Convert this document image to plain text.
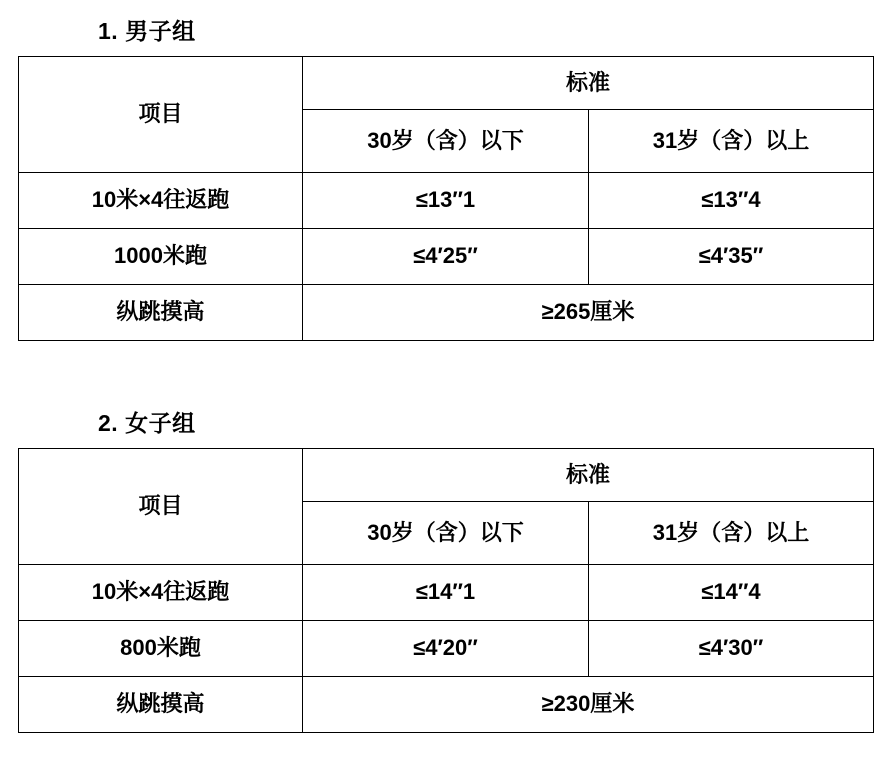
1. 男子组
项目	标准	
	30岁（含）以下	31岁（含）以上
10米×4往返跑	≤13″1	≤13″4
1000米跑	≤4′25″	≤4′35″
纵跳摸高	≥265厘米	
2. 女子组
项目	标准	
	30岁（含）以下	31岁（含）以上
10米×4往返跑	≤14″1	≤14″4
800米跑	≤4′20″	≤4′30″
纵跳摸高	≥230厘米	
